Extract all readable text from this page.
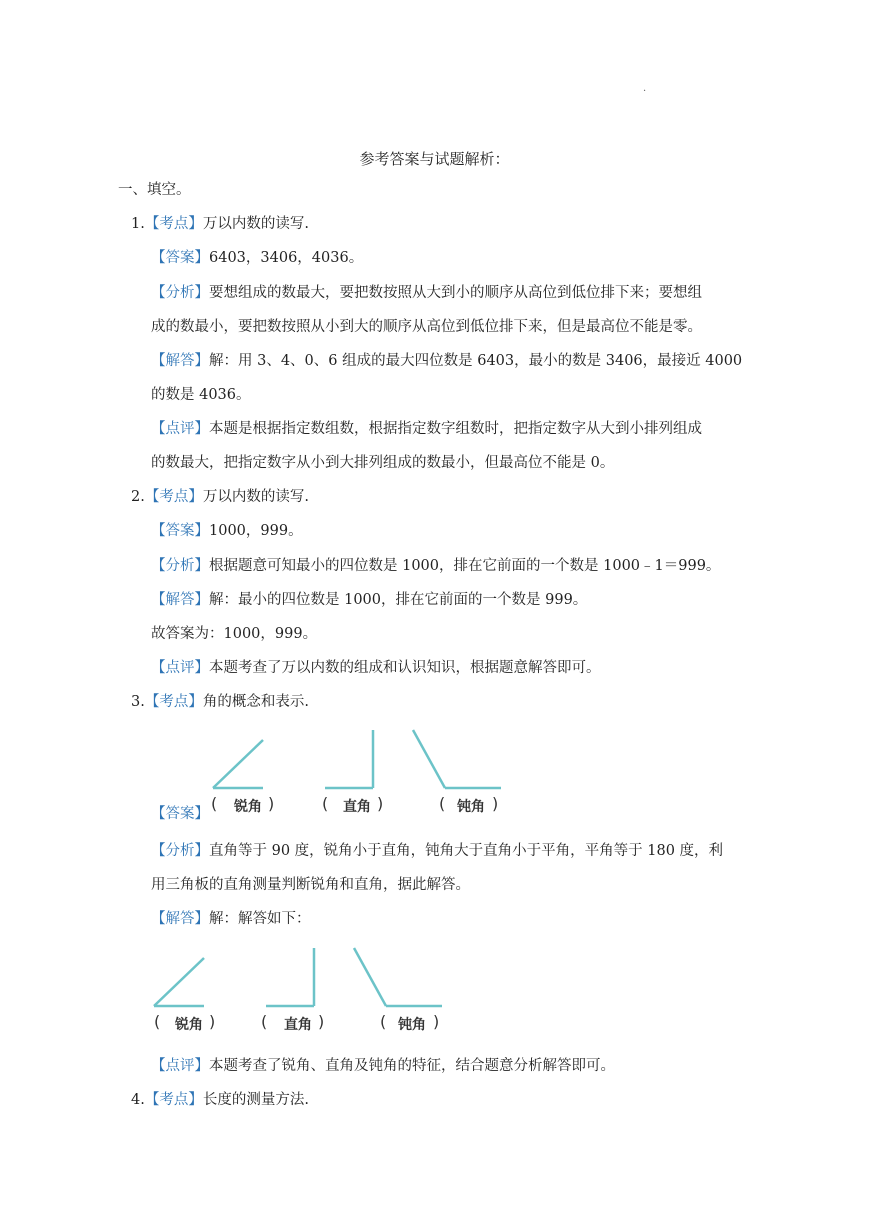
·
参考答案与试题解析：
一、填空。
1.【考点】万以内数的读写.
【答案】6403，3406，4036。
【分析】要想组成的数最大，要把数按照从大到小的顺序从高位到低位排下来；要想组
成的数最小，要把数按照从小到大的顺序从高位到低位排下来，但是最高位不能是零。
【解答】解：用 3、4、0、6 组成的最大四位数是 6403，最小的数是 3406，最接近 4000
的数是 4036。
【点评】本题是根据指定数组数，根据指定数字组数时，把指定数字从大到小排列组成
的数最大，把指定数字从小到大排列组成的数最小，但最高位不能是 0。
2.【考点】万以内数的读写.
【答案】1000，999。
【分析】根据题意可知最小的四位数是 1000，排在它前面的一个数是 1000﹣1＝999。
【解答】解：最小的四位数是 1000，排在它前面的一个数是 999。
故答案为：1000，999。
【点评】本题考查了万以内数的组成和认识知识，根据题意解答即可。
3.【考点】角的概念和表示.
【答案】
( 锐角 )	( 直角 )	( 钝角 )
【分析】直角等于 90 度，锐角小于直角，钝角大于直角小于平角，平角等于 180 度，利
用三角板的直角测量判断锐角和直角，据此解答。
【解答】解：解答如下：
( 锐角 )	( 直角 )	( 钝角 )
【点评】本题考查了锐角、直角及钝角的特征，结合题意分析解答即可。
4.【考点】长度的测量方法.
